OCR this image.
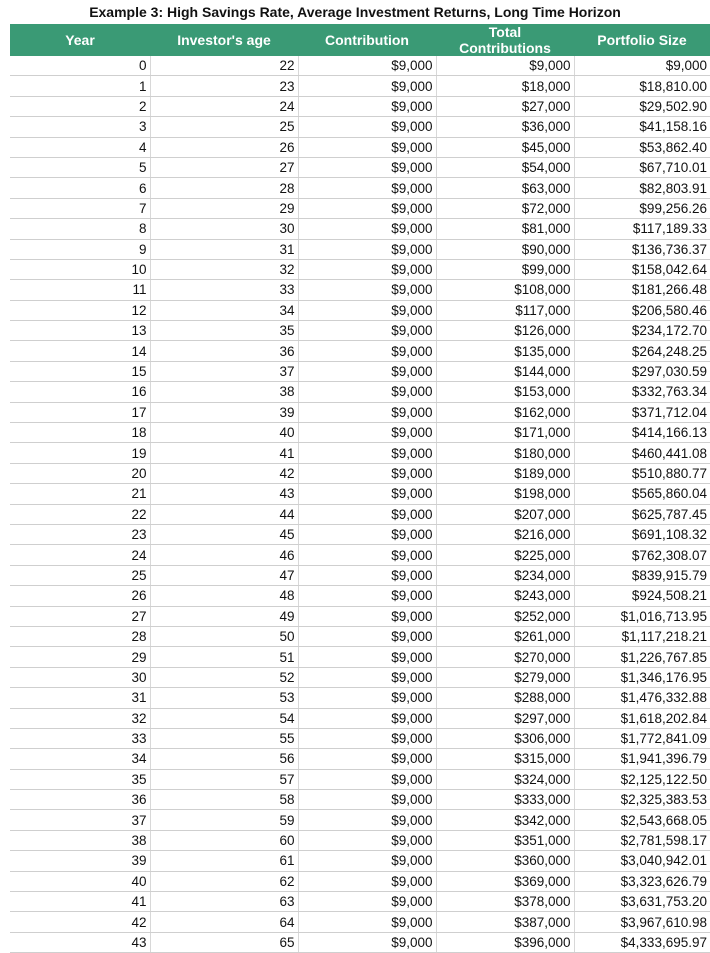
Example 3: High Savings Rate, Average Investment Returns, Long Time Horizon
Year	Investor's age	Contribution	Total Contributions	Portfolio Size
0	22	$9,000	$9,000	$9,000
1	23	$9,000	$18,000	$18,810.00
2	24	$9,000	$27,000	$29,502.90
3	25	$9,000	$36,000	$41,158.16
4	26	$9,000	$45,000	$53,862.40
5	27	$9,000	$54,000	$67,710.01
6	28	$9,000	$63,000	$82,803.91
7	29	$9,000	$72,000	$99,256.26
8	30	$9,000	$81,000	$117,189.33
9	31	$9,000	$90,000	$136,736.37
10	32	$9,000	$99,000	$158,042.64
11	33	$9,000	$108,000	$181,266.48
12	34	$9,000	$117,000	$206,580.46
13	35	$9,000	$126,000	$234,172.70
14	36	$9,000	$135,000	$264,248.25
15	37	$9,000	$144,000	$297,030.59
16	38	$9,000	$153,000	$332,763.34
17	39	$9,000	$162,000	$371,712.04
18	40	$9,000	$171,000	$414,166.13
19	41	$9,000	$180,000	$460,441.08
20	42	$9,000	$189,000	$510,880.77
21	43	$9,000	$198,000	$565,860.04
22	44	$9,000	$207,000	$625,787.45
23	45	$9,000	$216,000	$691,108.32
24	46	$9,000	$225,000	$762,308.07
25	47	$9,000	$234,000	$839,915.79
26	48	$9,000	$243,000	$924,508.21
27	49	$9,000	$252,000	$1,016,713.95
28	50	$9,000	$261,000	$1,117,218.21
29	51	$9,000	$270,000	$1,226,767.85
30	52	$9,000	$279,000	$1,346,176.95
31	53	$9,000	$288,000	$1,476,332.88
32	54	$9,000	$297,000	$1,618,202.84
33	55	$9,000	$306,000	$1,772,841.09
34	56	$9,000	$315,000	$1,941,396.79
35	57	$9,000	$324,000	$2,125,122.50
36	58	$9,000	$333,000	$2,325,383.53
37	59	$9,000	$342,000	$2,543,668.05
38	60	$9,000	$351,000	$2,781,598.17
39	61	$9,000	$360,000	$3,040,942.01
40	62	$9,000	$369,000	$3,323,626.79
41	63	$9,000	$378,000	$3,631,753.20
42	64	$9,000	$387,000	$3,967,610.98
43	65	$9,000	$396,000	$4,333,695.97
